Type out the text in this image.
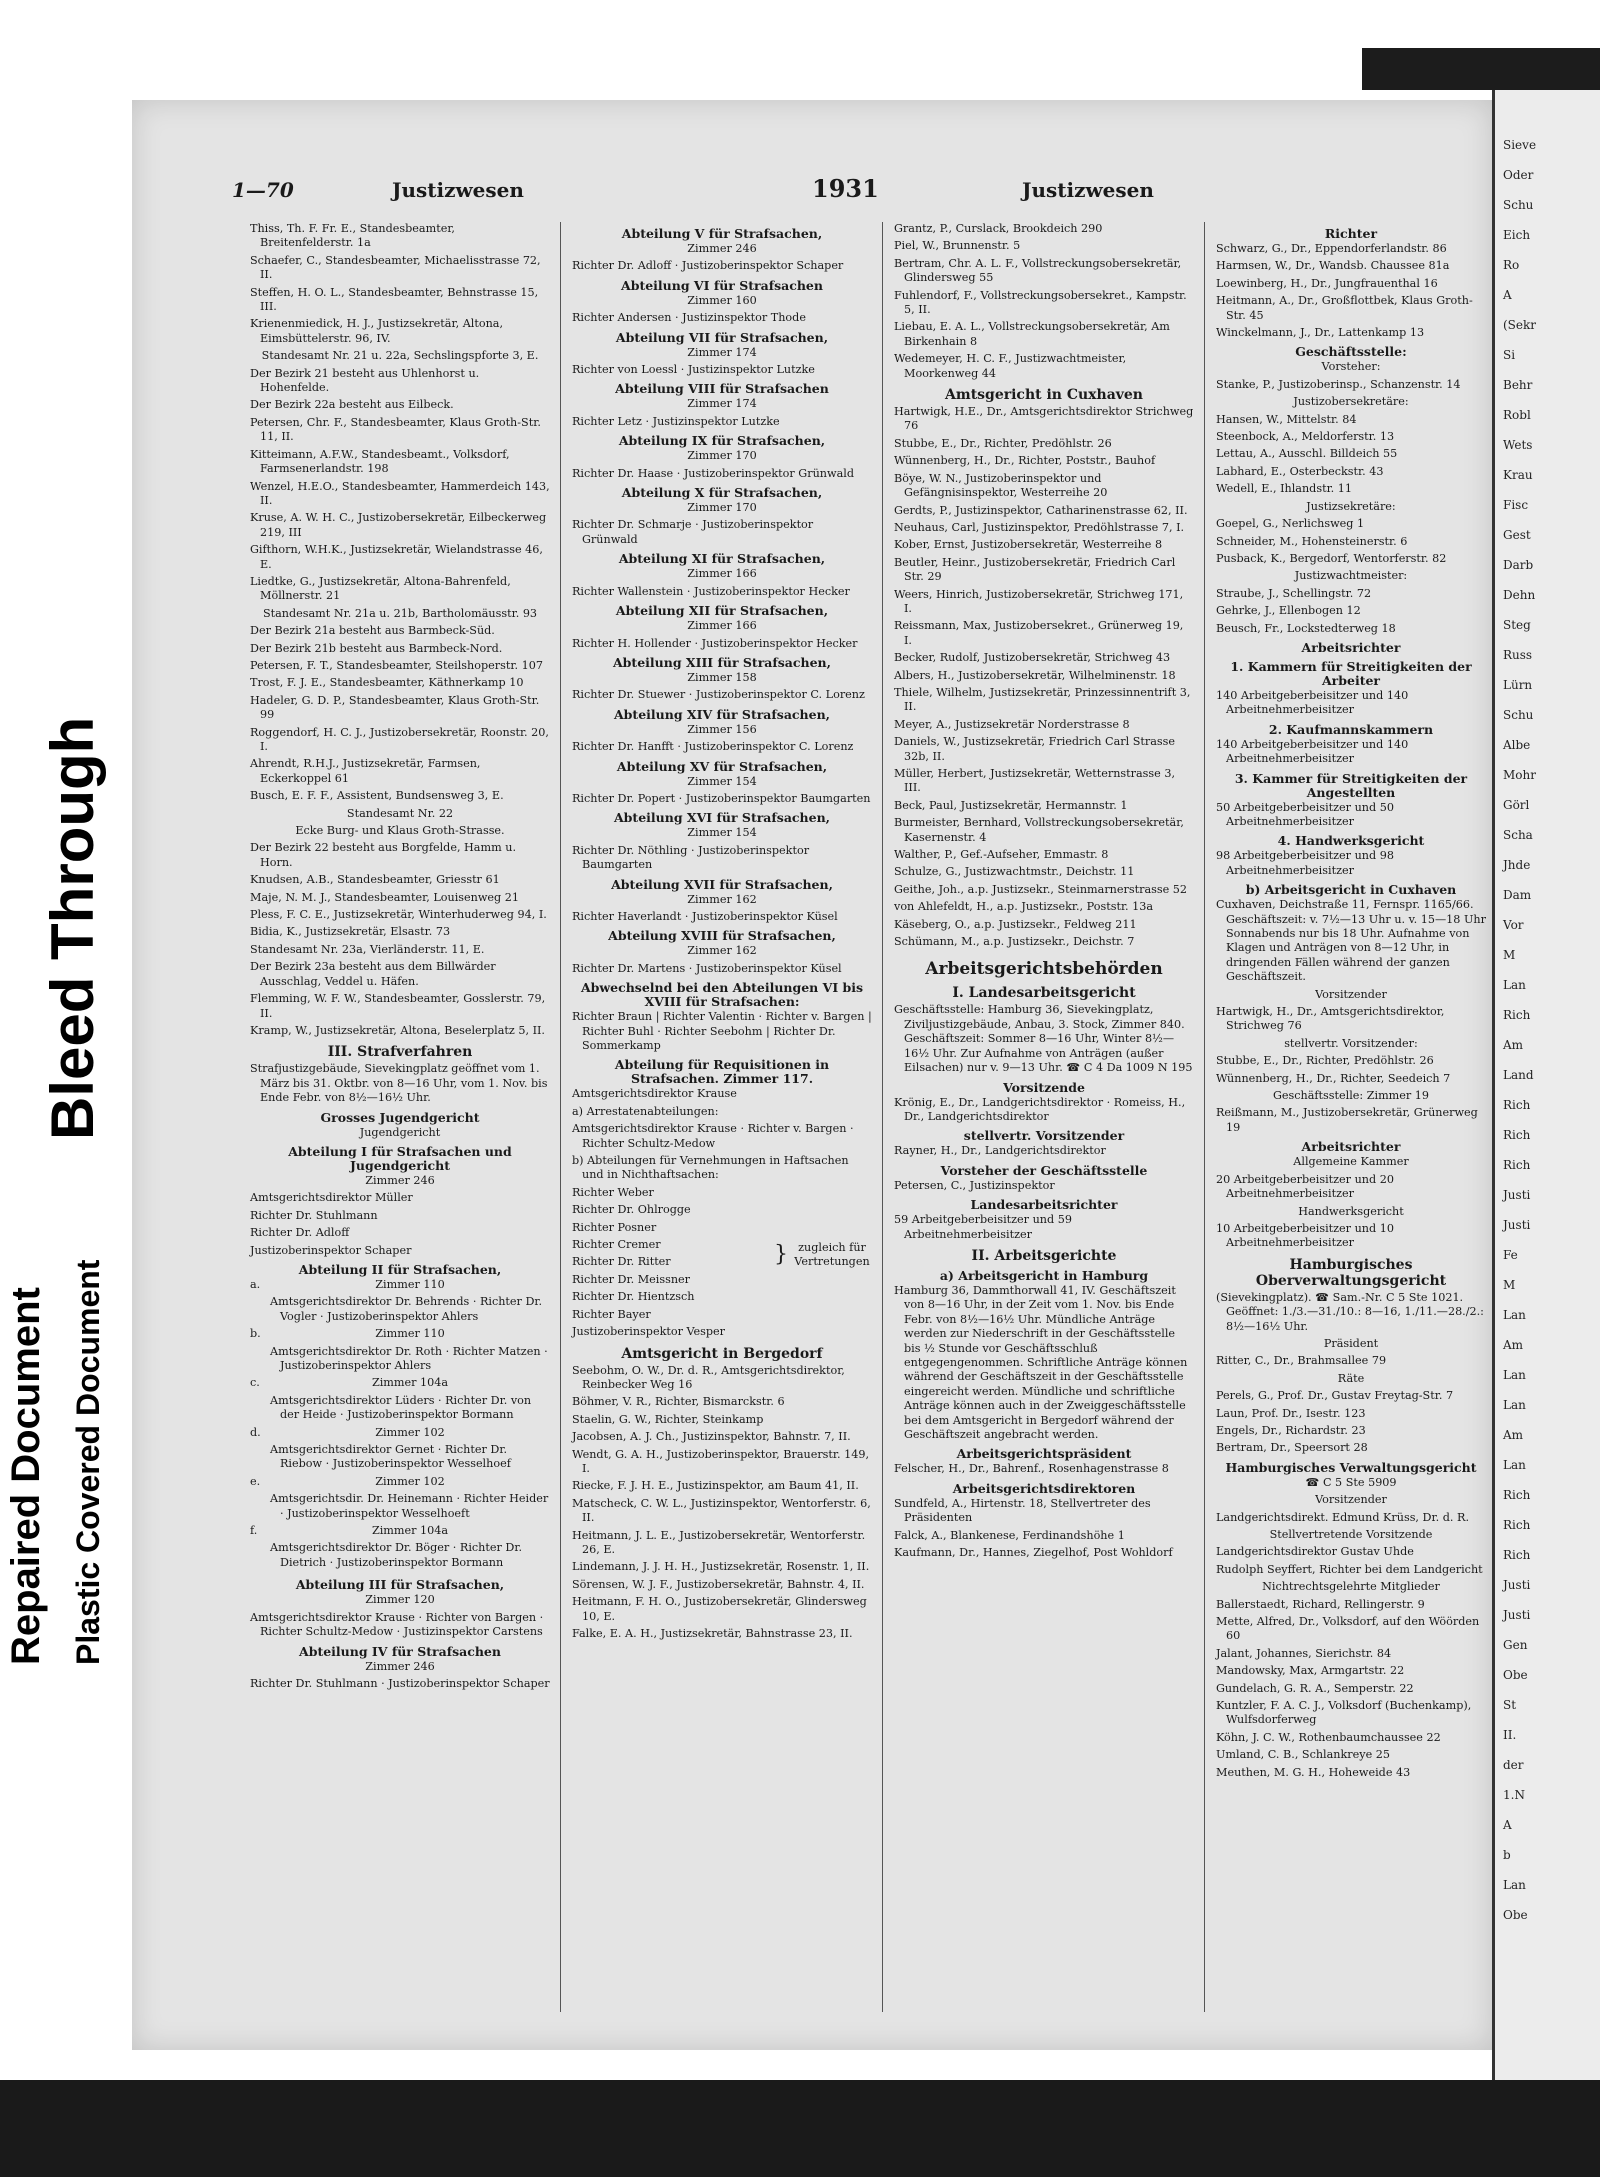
1—70	Justizwesen	1931	Justizwesen

Thiss, Th. F. Fr. E., Standesbeamter, Breitenfelderstr. 1a

Schaefer, C., Standesbeamter, Michaelisstrasse 72, II.

Steffen, H. O. L., Standesbeamter, Behnstrasse 15, III.

Krienenmiedick, H. J., Justizsekretär, Altona, Eimsbüttelerstr. 96, IV.

Standesamt Nr. 21 u. 22a, Sechslingspforte 3, E.

Der Bezirk 21 besteht aus Uhlenhorst u. Hohenfelde.

Der Bezirk 22a besteht aus Eilbeck.

Petersen, Chr. F., Standesbeamter, Klaus Groth-Str. 11, II.

Kitteimann, A.F.W., Standesbeamt., Volksdorf, Farmsenerlandstr. 198

Wenzel, H.E.O., Standesbeamter, Hammerdeich 143, II.

Kruse, A. W. H. C., Justizobersekretär, Eilbeckerweg 219, III

Gifthorn, W.H.K., Justizsekretär, Wielandstrasse 46, E.

Liedtke, G., Justizsekretär, Altona-Bahrenfeld, Möllnerstr. 21

Standesamt Nr. 21a u. 21b, Bartholomäusstr. 93

Der Bezirk 21a besteht aus Barmbeck-Süd.

Der Bezirk 21b besteht aus Barmbeck-Nord.

Petersen, F. T., Standesbeamter, Steilshoperstr. 107

Trost, F. J. E., Standesbeamter, Käthnerkamp 10

Hadeler, G. D. P., Standesbeamter, Klaus Groth-Str. 99

Roggendorf, H. C. J., Justizobersekretär, Roonstr. 20, I.

Ahrendt, R.H.J., Justizsekretär, Farmsen, Eckerkoppel 61

Busch, E. F. F., Assistent, Bundsensweg 3, E.

Standesamt Nr. 22

Ecke Burg- und Klaus Groth-Strasse.

Der Bezirk 22 besteht aus Borgfelde, Hamm u. Horn.

Knudsen, A.B., Standesbeamter, Griesstr 61

Maje, N. M. J., Standesbeamter, Louisenweg 21

Pless, F. C. E., Justizsekretär, Winterhuderweg 94, I.

Bidia, K., Justizsekretär, Elsastr. 73

Standesamt Nr. 23a, Vierländerstr. 11, E.

Der Bezirk 23a besteht aus dem Billwärder Ausschlag, Veddel u. Häfen.

Flemming, W. F. W., Standesbeamter, Gosslerstr. 79, II.

Kramp, W., Justizsekretär, Altona, Beselerplatz 5, II.

III. Strafverfahren

Strafjustizgebäude, Sievekingplatz geöffnet vom 1. März bis 31. Oktbr. von 8—16 Uhr, vom 1. Nov. bis Ende Febr. von 8½—16½ Uhr.

Grosses Jugendgericht

Jugendgericht

Abteilung I für Strafsachen und Jugendgericht

Zimmer 246

Amtsgerichtsdirektor Müller

Richter Dr. Stuhlmann

Richter Dr. Adloff

Justizoberinspektor Schaper

Abteilung II für Strafsachen,
a.	Zimmer 110

Amtsgerichtsdirektor Dr. Behrends · Richter Dr. Vogler · Justizoberinspektor Ahlers

b.	Zimmer 110

Amtsgerichtsdirektor Dr. Roth · Richter Matzen · Justizoberinspektor Ahlers

c.	Zimmer 104a

Amtsgerichtsdirektor Lüders · Richter Dr. von der Heide · Justizoberinspektor Bormann

d.	Zimmer 102

Amtsgerichtsdirektor Gernet · Richter Dr. Riebow · Justizoberinspektor Wesselhoef

e.	Zimmer 102

Amtsgerichtsdir. Dr. Heinemann · Richter Heider · Justizoberinspektor Wesselhoeft

f.	Zimmer 104a

Amtsgerichtsdirektor Dr. Böger · Richter Dr. Dietrich · Justizoberinspektor Bormann

Abteilung III für Strafsachen,

Zimmer 120

Amtsgerichtsdirektor Krause · Richter von Bargen · Richter Schultz-Medow · Justizinspektor Carstens

Abteilung IV für Strafsachen

Zimmer 246

Richter Dr. Stuhlmann · Justizoberinspektor Schaper

Abteilung V für Strafsachen,

Zimmer 246

Richter Dr. Adloff · Justizoberinspektor Schaper

Abteilung VI für Strafsachen

Zimmer 160

Richter Andersen · Justizinspektor Thode

Abteilung VII für Strafsachen,

Zimmer 174

Richter von Loessl · Justizinspektor Lutzke

Abteilung VIII für Strafsachen

Zimmer 174

Richter Letz · Justizinspektor Lutzke

Abteilung IX für Strafsachen,

Zimmer 170

Richter Dr. Haase · Justizoberinspektor Grünwald

Abteilung X für Strafsachen,

Zimmer 170

Richter Dr. Schmarje · Justizoberinspektor Grünwald

Abteilung XI für Strafsachen,

Zimmer 166

Richter Wallenstein · Justizoberinspektor Hecker

Abteilung XII für Strafsachen,

Zimmer 166

Richter H. Hollender · Justizoberinspektor Hecker

Abteilung XIII für Strafsachen,

Zimmer 158

Richter Dr. Stuewer · Justizoberinspektor C. Lorenz

Abteilung XIV für Strafsachen,

Zimmer 156

Richter Dr. Hanfft · Justizoberinspektor C. Lorenz

Abteilung XV für Strafsachen,

Zimmer 154

Richter Dr. Popert · Justizoberinspektor Baumgarten

Abteilung XVI für Strafsachen,

Zimmer 154

Richter Dr. Nöthling · Justizoberinspektor Baumgarten

Abteilung XVII für Strafsachen,

Zimmer 162

Richter Haverlandt · Justizoberinspektor Küsel

Abteilung XVIII für Strafsachen,

Zimmer 162

Richter Dr. Martens · Justizoberinspektor Küsel

Abwechselnd bei den Abteilungen VI bis XVIII für Strafsachen:

Richter Braun | Richter Valentin · Richter v. Bargen | Richter Buhl · Richter Seebohm | Richter Dr. Sommerkamp

Abteilung für Requisitionen in Strafsachen. Zimmer 117.

Amtsgerichtsdirektor Krause

a) Arrestatenabteilungen:

Amtsgerichtsdirektor Krause · Richter v. Bargen · Richter Schultz-Medow

b) Abteilungen für Vernehmungen in Haftsachen und in Nichthaftsachen:

Richter Weber

Richter Dr. Ohlrogge

Richter Posner

Richter Cremer

Richter Dr. Ritter

Richter Dr. Meissner

Richter Dr. Hientzsch

Richter Bayer

} zugleich für Vertretungen

Justizoberinspektor Vesper

Amtsgericht in Bergedorf

Seebohm, O. W., Dr. d. R., Amtsgerichtsdirektor, Reinbecker Weg 16

Böhmer, V. R., Richter, Bismarckstr. 6

Staelin, G. W., Richter, Steinkamp

Jacobsen, A. J. Ch., Justizinspektor, Bahnstr. 7, II.

Wendt, G. A. H., Justizoberinspektor, Brauerstr. 149, I.

Riecke, F. J. H. E., Justizinspektor, am Baum 41, II.

Matscheck, C. W. L., Justizinspektor, Wentorferstr. 6, II.

Heitmann, J. L. E., Justizobersekretär, Wentorferstr. 26, E.

Lindemann, J. J. H. H., Justizsekretär, Rosenstr. 1, II.

Sörensen, W. J. F., Justizobersekretär, Bahnstr. 4, II.

Heitmann, F. H. O., Justizobersekretär, Glindersweg 10, E.

Falke, E. A. H., Justizsekretär, Bahnstrasse 23, II.

Grantz, P., Curslack, Brookdeich 290

Piel, W., Brunnenstr. 5

Bertram, Chr. A. L. F., Vollstreckungsobersekretär, Glindersweg 55

Fuhlendorf, F., Vollstreckungsobersekret., Kampstr. 5, II.

Liebau, E. A. L., Vollstreckungsobersekretär, Am Birkenhain 8

Wedemeyer, H. C. F., Justizwachtmeister, Moorkenweg 44

Amtsgericht in Cuxhaven

Hartwigk, H.E., Dr., Amtsgerichtsdirektor Strichweg 76

Stubbe, E., Dr., Richter, Predöhlstr. 26

Wünnenberg, H., Dr., Richter, Poststr., Bauhof

Böye, W. N., Justizoberinspektor und Gefängnisinspektor, Westerreihe 20

Gerdts, P., Justizinspektor, Catharinenstrasse 62, II.

Neuhaus, Carl, Justizinspektor, Predöhlstrasse 7, I.

Kober, Ernst, Justizobersekretär, Westerreihe 8

Beutler, Heinr., Justizobersekretär, Friedrich Carl Str. 29

Weers, Hinrich, Justizobersekretär, Strichweg 171, I.

Reissmann, Max, Justizobersekret., Grünerweg 19, I.

Becker, Rudolf, Justizobersekretär, Strichweg 43

Albers, H., Justizobersekretär, Wilhelminenstr. 18

Thiele, Wilhelm, Justizsekretär, Prinzessinnentrift 3, II.

Meyer, A., Justizsekretär Norderstrasse 8

Daniels, W., Justizsekretär, Friedrich Carl Strasse 32b, II.

Müller, Herbert, Justizsekretär, Wetternstrasse 3, III.

Beck, Paul, Justizsekretär, Hermannstr. 1

Burmeister, Bernhard, Vollstreckungsobersekretär, Kasernenstr. 4

Walther, P., Gef.-Aufseher, Emmastr. 8

Schulze, G., Justizwachtmstr., Deichstr. 11

Geithe, Joh., a.p. Justizsekr., Steinmarnerstrasse 52

von Ahlefeldt, H., a.p. Justizsekr., Poststr. 13a

Käseberg, O., a.p. Justizsekr., Feldweg 211

Schümann, M., a.p. Justizsekr., Deichstr. 7

Arbeitsgerichtsbehörden
I. Landesarbeitsgericht

Geschäftsstelle: Hamburg 36, Sievekingplatz, Ziviljustizgebäude, Anbau, 3. Stock, Zimmer 840. Geschäftszeit: Sommer 8—16 Uhr, Winter 8½—16½ Uhr. Zur Aufnahme von Anträgen (außer Eilsachen) nur v. 9—13 Uhr. ☎ C 4 Da 1009 N 195

Vorsitzende

Krönig, E., Dr., Landgerichtsdirektor · Romeiss, H., Dr., Landgerichtsdirektor

stellvertr. Vorsitzender

Rayner, H., Dr., Landgerichtsdirektor

Vorsteher der Geschäftsstelle

Petersen, C., Justizinspektor

Landesarbeitsrichter

59 Arbeitgeberbeisitzer und 59 Arbeitnehmerbeisitzer

II. Arbeitsgerichte
a) Arbeitsgericht in Hamburg

Hamburg 36, Dammthorwall 41, IV. Geschäftszeit von 8—16 Uhr, in der Zeit vom 1. Nov. bis Ende Febr. von 8½—16½ Uhr. Mündliche Anträge werden zur Niederschrift in der Geschäftsstelle bis ½ Stunde vor Geschäftsschluß entgegengenommen. Schriftliche Anträge können während der Geschäftszeit in der Geschäftsstelle eingereicht werden. Mündliche und schriftliche Anträge können auch in der Zweiggeschäftsstelle bei dem Amtsgericht in Bergedorf während der Geschäftszeit angebracht werden.

Arbeitsgerichtspräsident

Felscher, H., Dr., Bahrenf., Rosenhagenstrasse 8

Arbeitsgerichtsdirektoren

Sundfeld, A., Hirtenstr. 18, Stellvertreter des Präsidenten

Falck, A., Blankenese, Ferdinandshöhe 1

Kaufmann, Dr., Hannes, Ziegelhof, Post Wohldorf

Richter

Schwarz, G., Dr., Eppendorferlandstr. 86

Harmsen, W., Dr., Wandsb. Chaussee 81a

Loewinberg, H., Dr., Jungfrauenthal 16

Heitmann, A., Dr., Großflottbek, Klaus Groth-Str. 45

Winckelmann, J., Dr., Lattenkamp 13

Geschäftsstelle:

Vorsteher:

Stanke, P., Justizoberinsp., Schanzenstr. 14

Justizobersekretäre:

Hansen, W., Mittelstr. 84

Steenbock, A., Meldorferstr. 13

Lettau, A., Ausschl. Billdeich 55

Labhard, E., Osterbeckstr. 43

Wedell, E., Ihlandstr. 11

Justizsekretäre:

Goepel, G., Nerlichsweg 1

Schneider, M., Hohensteinerstr. 6

Pusback, K., Bergedorf, Wentorferstr. 82

Justizwachtmeister:

Straube, J., Schellingstr. 72

Gehrke, J., Ellenbogen 12

Beusch, Fr., Lockstedterweg 18

Arbeitsrichter
1. Kammern für Streitigkeiten der Arbeiter

140 Arbeitgeberbeisitzer und 140 Arbeitnehmerbeisitzer

2. Kaufmannskammern

140 Arbeitgeberbeisitzer und 140 Arbeitnehmerbeisitzer

3. Kammer für Streitigkeiten der Angestellten

50 Arbeitgeberbeisitzer und 50 Arbeitnehmerbeisitzer

4. Handwerksgericht

98 Arbeitgeberbeisitzer und 98 Arbeitnehmerbeisitzer

b) Arbeitsgericht in Cuxhaven

Cuxhaven, Deichstraße 11, Fernspr. 1165/66. Geschäftszeit: v. 7½—13 Uhr u. v. 15—18 Uhr Sonnabends nur bis 18 Uhr. Aufnahme von Klagen und Anträgen von 8—12 Uhr, in dringenden Fällen während der ganzen Geschäftszeit.

Vorsitzender

Hartwigk, H., Dr., Amtsgerichtsdirektor, Strichweg 76

stellvertr. Vorsitzender:

Stubbe, E., Dr., Richter, Predöhlstr. 26

Wünnenberg, H., Dr., Richter, Seedeich 7

Geschäftsstelle: Zimmer 19

Reißmann, M., Justizobersekretär, Grünerweg 19

Arbeitsrichter

Allgemeine Kammer

20 Arbeitgeberbeisitzer und 20 Arbeitnehmerbeisitzer

Handwerksgericht

10 Arbeitgeberbeisitzer und 10 Arbeitnehmerbeisitzer

Hamburgisches Oberverwaltungsgericht

(Sievekingplatz). ☎ Sam.-Nr. C 5 Ste 1021. Geöffnet: 1./3.—31./10.: 8—16, 1./11.—28./2.: 8½—16½ Uhr.

Präsident

Ritter, C., Dr., Brahmsallee 79

Räte

Perels, G., Prof. Dr., Gustav Freytag-Str. 7

Laun, Prof. Dr., Isestr. 123

Engels, Dr., Richardstr. 23

Bertram, Dr., Speersort 28

Hamburgisches Verwaltungsgericht

☎ C 5 Ste 5909

Vorsitzender

Landgerichtsdirekt. Edmund Krüss, Dr. d. R.

Stellvertretende Vorsitzende

Landgerichtsdirektor Gustav Uhde

Rudolph Seyffert, Richter bei dem Landgericht

Nichtrechtsgelehrte Mitglieder

Ballerstaedt, Richard, Rellingerstr. 9

Mette, Alfred, Dr., Volksdorf, auf den Wöörden 60

Jalant, Johannes, Sierichstr. 84

Mandowsky, Max, Armgartstr. 22

Gundelach, G. R. A., Semperstr. 22

Kuntzler, F. A. C. J., Volksdorf (Buchenkamp), Wulfsdorferweg

Köhn, J. C. W., Rothenbaumchaussee 22

Umland, C. B., Schlankreye 25

Meuthen, M. G. H., Hoheweide 43

Sieve
Oder
Schu
Eich
Ro
A
(Sekr
Si
Behr
Robl
Wets
Krau
Fisc
Gest
Darb
Dehn
Steg
Russ
Lürn
Schu
Albe
Mohr
Görl
Scha
Jhde
Dam
Vor
M
Lan
Rich
Am
Land
Rich
Rich
Rich
Justi
Justi
Fe
M
Lan
Am
Lan
Lan
Am
Lan
Rich
Rich
Rich
Justi
Justi
Gen
Obe
St
II.
der
1.N
A
b
Lan
Obe
Bleed Through
Repaired Document Plastic Covered Document
